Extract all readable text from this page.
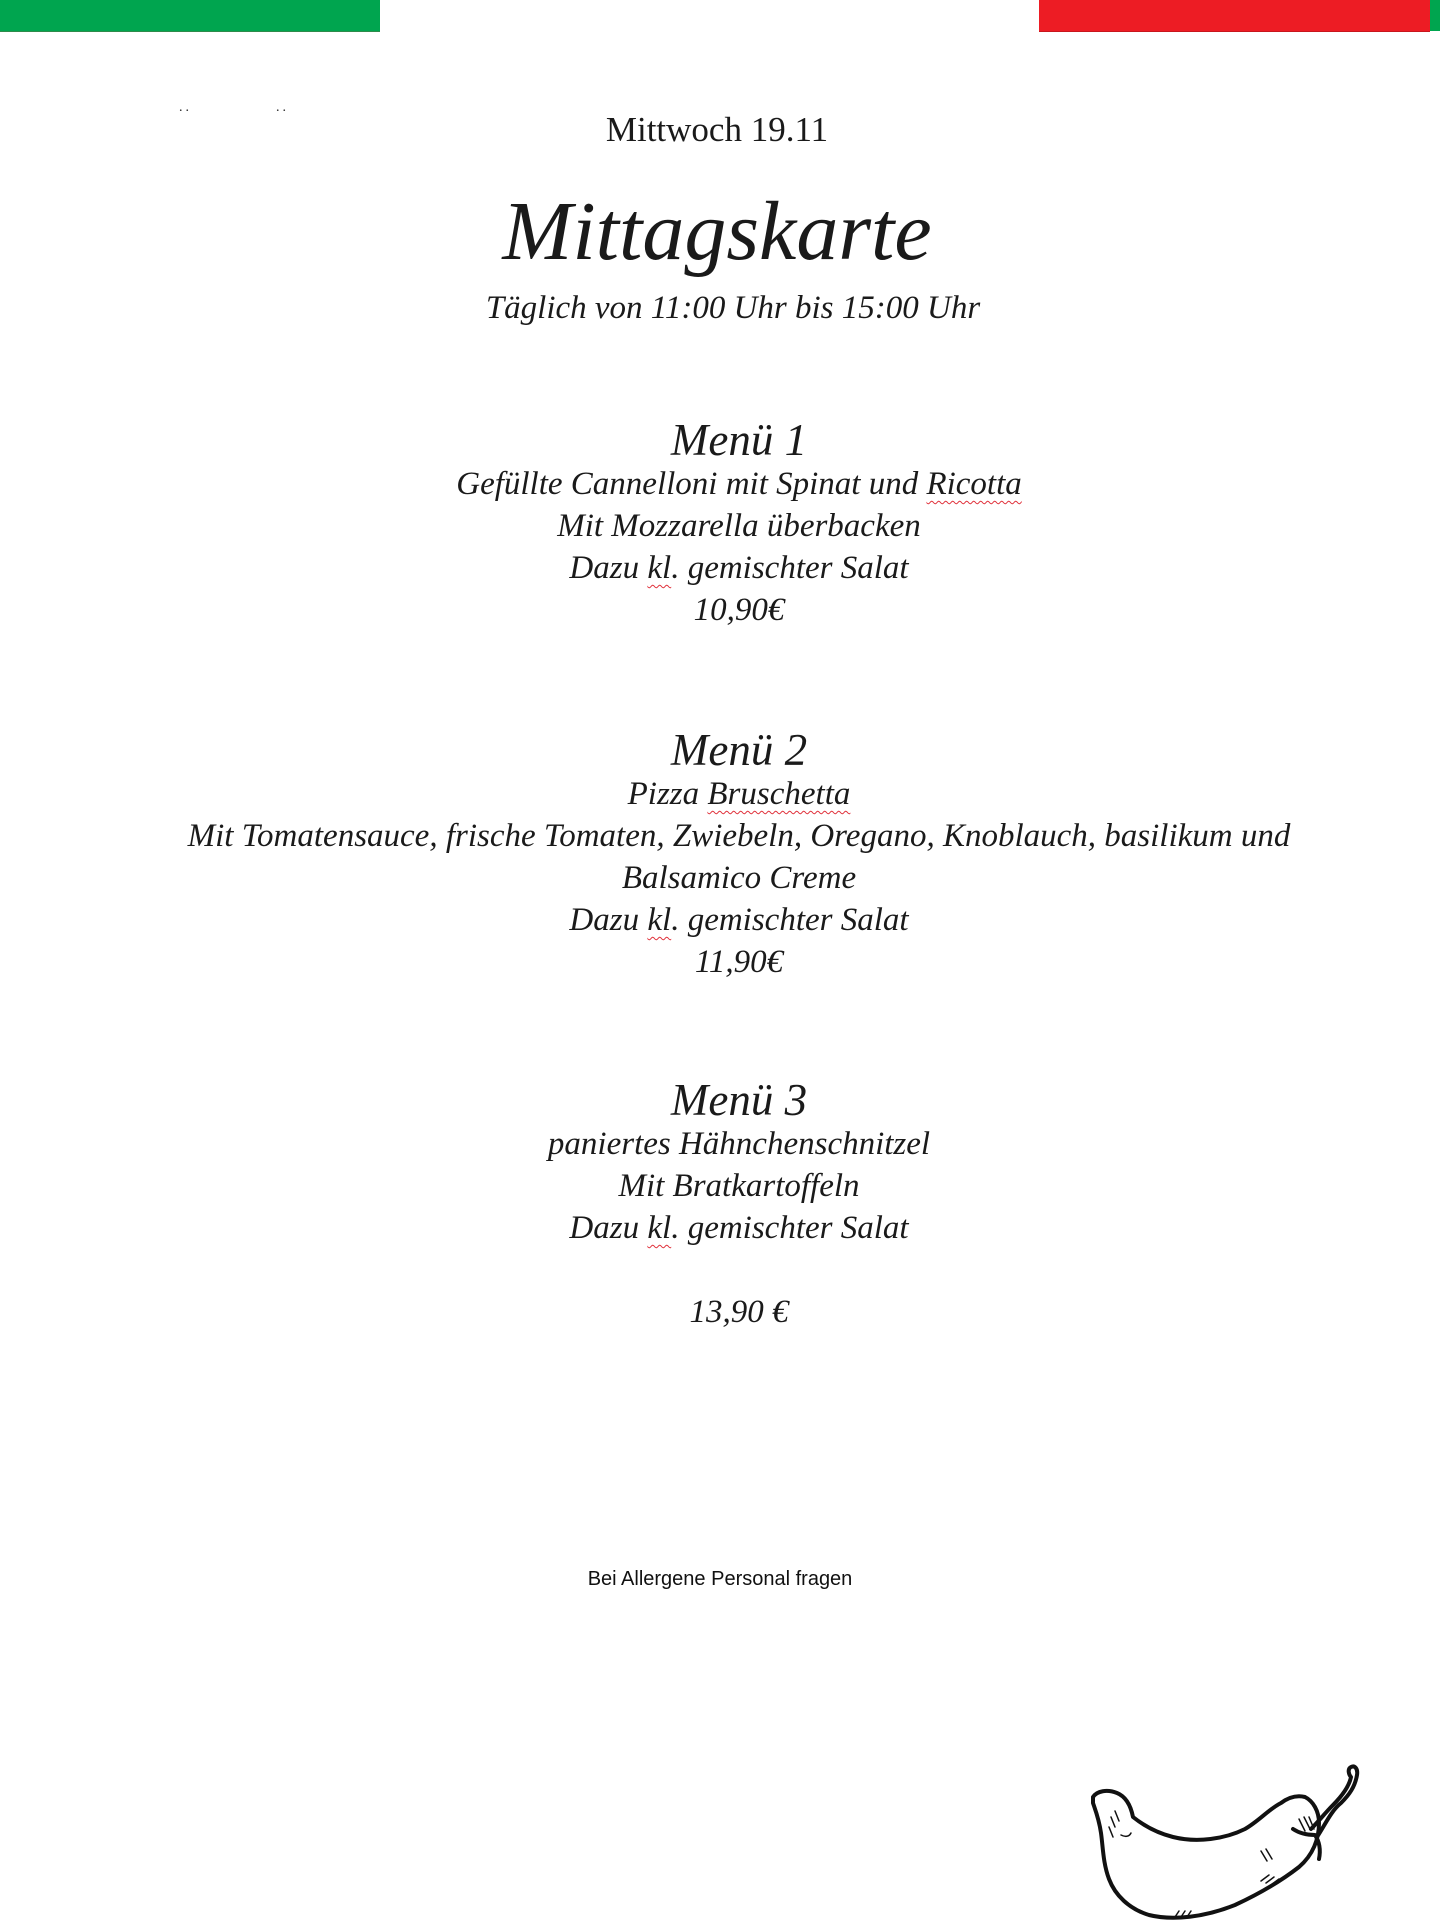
..	..
Mittwoch 19.11
Mittagskarte
Täglich von 11:00 Uhr bis 15:00 Uhr
Menü 1
Gefüllte Cannelloni mit Spinat und Ricotta
Mit Mozzarella überbacken
Dazu kl. gemischter Salat
10,90€
Menü 2
Pizza Bruschetta
Mit Tomatensauce, frische Tomaten, Zwiebeln, Oregano, Knoblauch, basilikum und
Balsamico Creme
Dazu kl. gemischter Salat
11,90€
Menü 3
paniertes Hähnchenschnitzel
Mit Bratkartoffeln
Dazu kl. gemischter Salat
13,90 €
Bei Allergene Personal fragen
